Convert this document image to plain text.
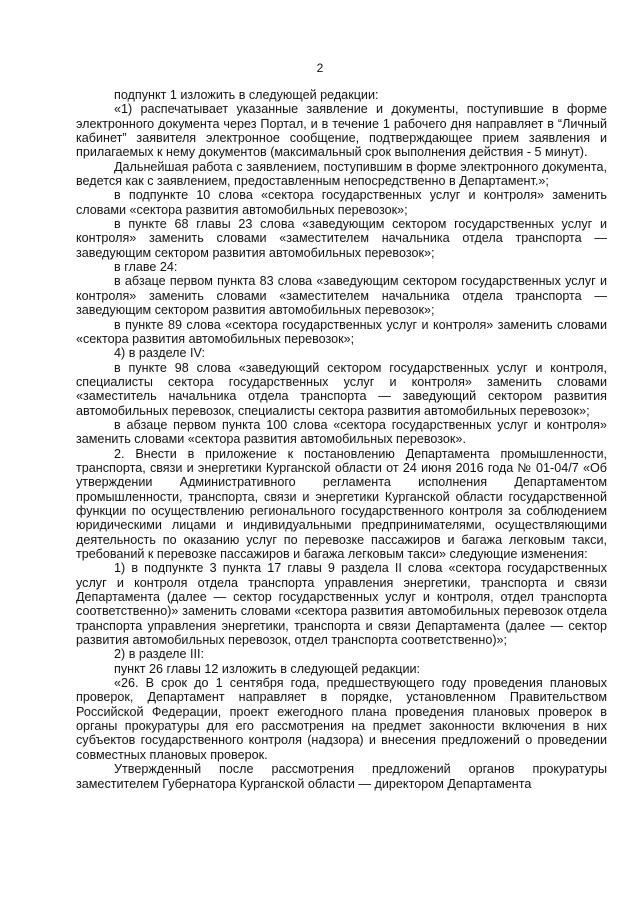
2

подпункт 1 изложить в следующей редакции:

«1) распечатывает указанные заявление и документы, поступившие в форме электронного документа через Портал, и в течение 1 рабочего дня направляет в “Личный кабинет” заявителя электронное сообщение, подтверждающее прием заявления и прилагаемых к нему документов (максимальный срок выполнения действия - 5 минут).

Дальнейшая работа с заявлением, поступившим в форме электронного документа, ведется как с заявлением, предоставленным непосредственно в Департамент.»;

в подпункте 10 слова «сектора государственных услуг и контроля» заменить словами «сектора развития автомобильных перевозок»;

в пункте 68 главы 23 слова «заведующим сектором государственных услуг и контроля» заменить словами «заместителем начальника отдела транспорта — заведующим сектором развития автомобильных перевозок»;

в главе 24:

в абзаце первом пункта 83 слова «заведующим сектором государственных услуг и контроля» заменить словами «заместителем начальника отдела транспорта — заведующим сектором развития автомобильных перевозок»;

в пункте 89 слова «сектора государственных услуг и контроля» заменить словами «сектора развития автомобильных перевозок»;

4) в разделе IV:

в пункте 98 слова «заведующий сектором государственных услуг и контроля, специалисты сектора государственных услуг и контроля» заменить словами «заместитель начальника отдела транспорта — заведующий сектором развития автомобильных перевозок, специалисты сектора развития автомобильных перевозок»;

в абзаце первом пункта 100 слова «сектора государственных услуг и контроля» заменить словами «сектора развития автомобильных перевозок».

2. Внести в приложение к постановлению Департамента промышленности, транспорта, связи и энергетики Курганской области от 24 июня 2016 года № 01-04/7 «Об утверждении Административного регламента исполнения Департаментом промышленности, транспорта, связи и энергетики Курганской области государственной функции по осуществлению регионального государственного контроля за соблюдением юридическими лицами и индивидуальными предпринимателями, осуществляющими деятельность по оказанию услуг по перевозке пассажиров и багажа легковым такси, требований к перевозке пассажиров и багажа легковым такси» следующие изменения:

1) в подпункте 3 пункта 17 главы 9 раздела II слова «сектора государственных услуг и контроля отдела транспорта управления энергетики, транспорта и связи Департамента (далее — сектор государственных услуг и контроля, отдел транспорта соответственно)» заменить словами «сектора развития автомобильных перевозок отдела транспорта управления энергетики, транспорта и связи Департамента (далее — сектор развития автомобильных перевозок, отдел транспорта соответственно)»;

2) в разделе III:

пункт 26 главы 12 изложить в следующей редакции:

«26. В срок до 1 сентября года, предшествующего году проведения плановых проверок, Департамент направляет в порядке, установленном Правительством Российской Федерации, проект ежегодного плана проведения плановых проверок в органы прокуратуры для его рассмотрения на предмет законности включения в них субъектов государственного контроля (надзора) и внесения предложений о проведении совместных плановых проверок.

Утвержденный после рассмотрения предложений органов прокуратуры заместителем Губернатора Курганской области — директором Департамента
